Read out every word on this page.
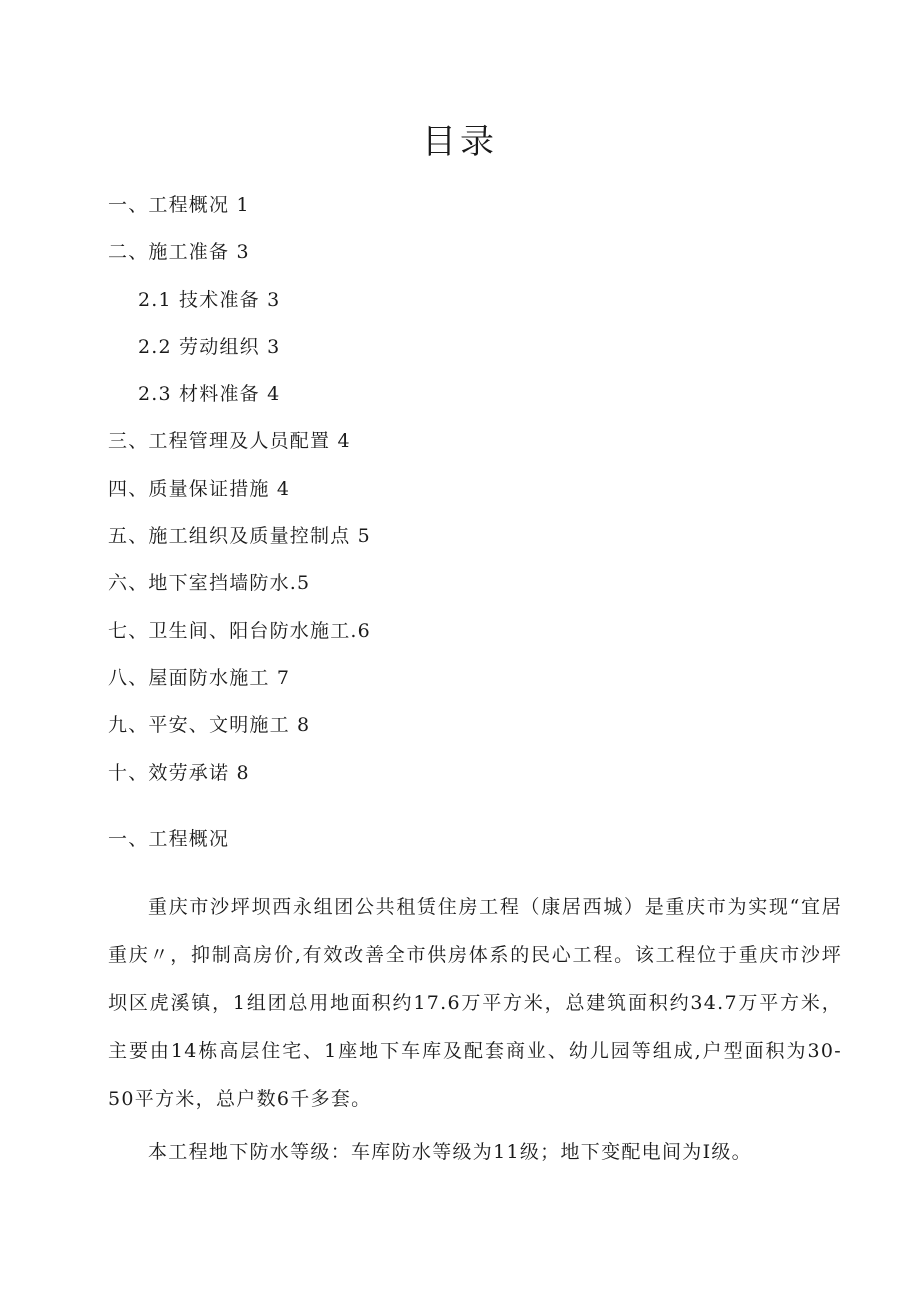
目录
一、工程概况 1
二、施工准备 3
2.1 技术准备 3
2.2 劳动组织 3
2.3 材料准备 4
三、工程管理及人员配置 4
四、质量保证措施 4
五、施工组织及质量控制点 5
六、地下室挡墙防水.5
七、卫生间、阳台防水施工.6
八、屋面防水施工 7
九、平安、文明施工 8
十、效劳承诺 8
一、工程概况

重庆市沙坪坝西永组团公共租赁住房工程（康居西城）是重庆市为实现“宜居重庆〃，抑制高房价,有效改善全市供房体系的民心工程。该工程位于重庆市沙坪坝区虎溪镇，1组团总用地面积约17.6万平方米，总建筑面积约34.7万平方米，主要由14栋高层住宅、1座地下车库及配套商业、幼儿园等组成,户型面积为30-50平方米，总户数6千多套。

本工程地下防水等级：车库防水等级为11级；地下变配电间为Ⅰ级。
